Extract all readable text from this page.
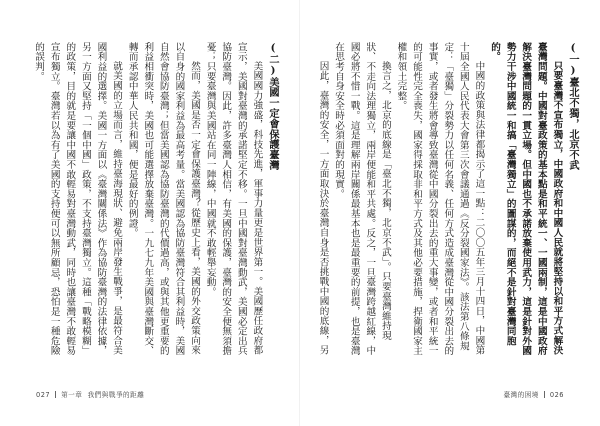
(一)臺北不獨，北京不武

只要臺灣不宣布獨立，中國政府和中國人民就將堅持以和平方式解決臺灣問題。中國對臺政策的基本點是和平統一、一國兩制，這是中國政府解決臺灣問題的一貫立場。但中國也不承諾放棄使用武力，這是針對外國勢力干涉中國統一和搞「臺灣獨立」的圖謀的，而絕不是針對臺灣同胞的。

中國的政策與法律都揭示了這一點：二〇〇五年三月十四日，中國第十屆全國人民代表大會第三次會議通過《反分裂國家法》。該法第八條規定：「臺獨」分裂勢力以任何名義、任何方式造成臺灣從中國分裂出去的事實，或者發生將會導致臺灣從中國分裂出去的重大事變，或者和平統一的可能性完全喪失，國家得採取非和平方式及其他必要措施，捍衛國家主權和領土完整。

換言之，北京的底線是「臺北不獨，北京不武」。只要臺灣維持現狀、不走向法理獨立，兩岸便能和平共處。反之，一旦臺灣跨越紅線，中國必將不惜一戰。這是理解兩岸關係最基本也是最重要的前提，也是臺灣在思考自身安全時必須面對的現實。

因此，臺灣的安全，一方面取決於臺灣自身是否挑戰中國的底線，另

(二)美國一定會保護臺灣

美國國力強盛，科技先進，軍事力量更是世界第一。美國歷任政府都宣示，美國對臺灣的承諾堅定不移。一旦中國對臺灣動武，美國必定出兵協防臺灣。因此，許多臺灣人相信，有美國的保護，臺灣的安全便無須擔憂；只要臺灣與美國站在同一陣線，中國就不敢輕舉妄動。

然而，美國是否一定會保護臺灣？從歷史上看，美國的外交政策向來以自身的國家利益為最高考量。當美國認為協防臺灣符合其利益時，美國自然會協防臺灣；但當美國認為協防臺灣的代價過高，或與其他更重要的利益相衝突時，美國也可能選擇放棄臺灣。一九七九年美國與臺灣斷交、轉而承認中華人民共和國，便是最好的例證。

就美國的立場而言，維持臺海現狀、避免兩岸發生戰爭，是最符合美國利益的選擇。美國一方面以《臺灣關係法》作為協防臺灣的法律依據，另一方面又堅持「一個中國」政策，不支持臺灣獨立。這種「戰略模糊」的政策，目的就是要讓中國不敢輕易對臺灣動武，同時也讓臺灣不敢輕易宣布獨立。臺灣若以為有了美國的支持便可以無所顧忌，恐怕是一種危險的誤判。

027 第一章 我們與戰爭的距離	臺灣的困境 026
